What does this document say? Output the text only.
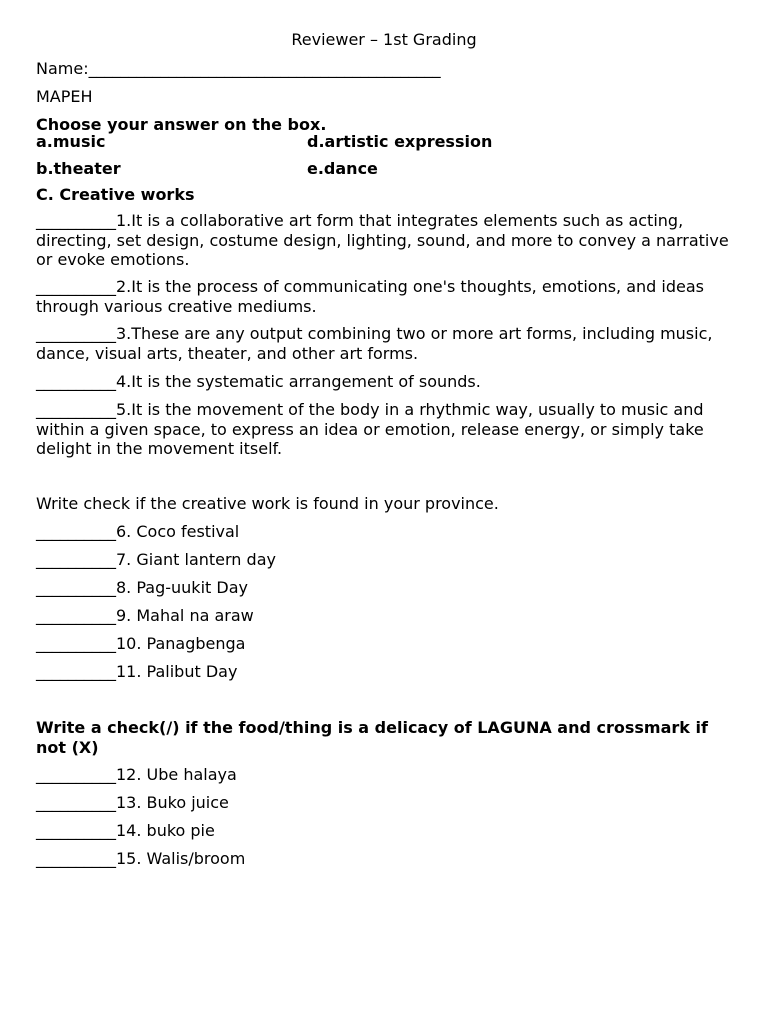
Reviewer – 1st Grading
Name:____________________________________________
MAPEH
Choose your answer on the box.
a.music	d.artistic expression
b.theater	e.dance
C. Creative works
__________1.It is a collaborative art form that integrates elements such as acting, directing, set design, costume design, lighting, sound, and more to convey a narrative or evoke emotions.
__________2.It is the process of communicating one's thoughts, emotions, and ideas through various creative mediums.
__________3.These are any output combining two or more art forms, including music, dance, visual arts, theater, and other art forms.
__________4.It is the systematic arrangement of sounds.
__________5.It is the movement of the body in a rhythmic way, usually to music and within a given space, to express an idea or emotion, release energy, or simply take delight in the movement itself.
Write check if the creative work is found in your province.
__________6. Coco festival
__________7. Giant lantern day
__________8. Pag-uukit Day
__________9. Mahal na araw
__________10. Panagbenga
__________11. Palibut Day
Write a check(/) if the food/thing is a delicacy of LAGUNA and crossmark if not (X)
__________12. Ube halaya
__________13. Buko juice
__________14. buko pie
__________15. Walis/broom
